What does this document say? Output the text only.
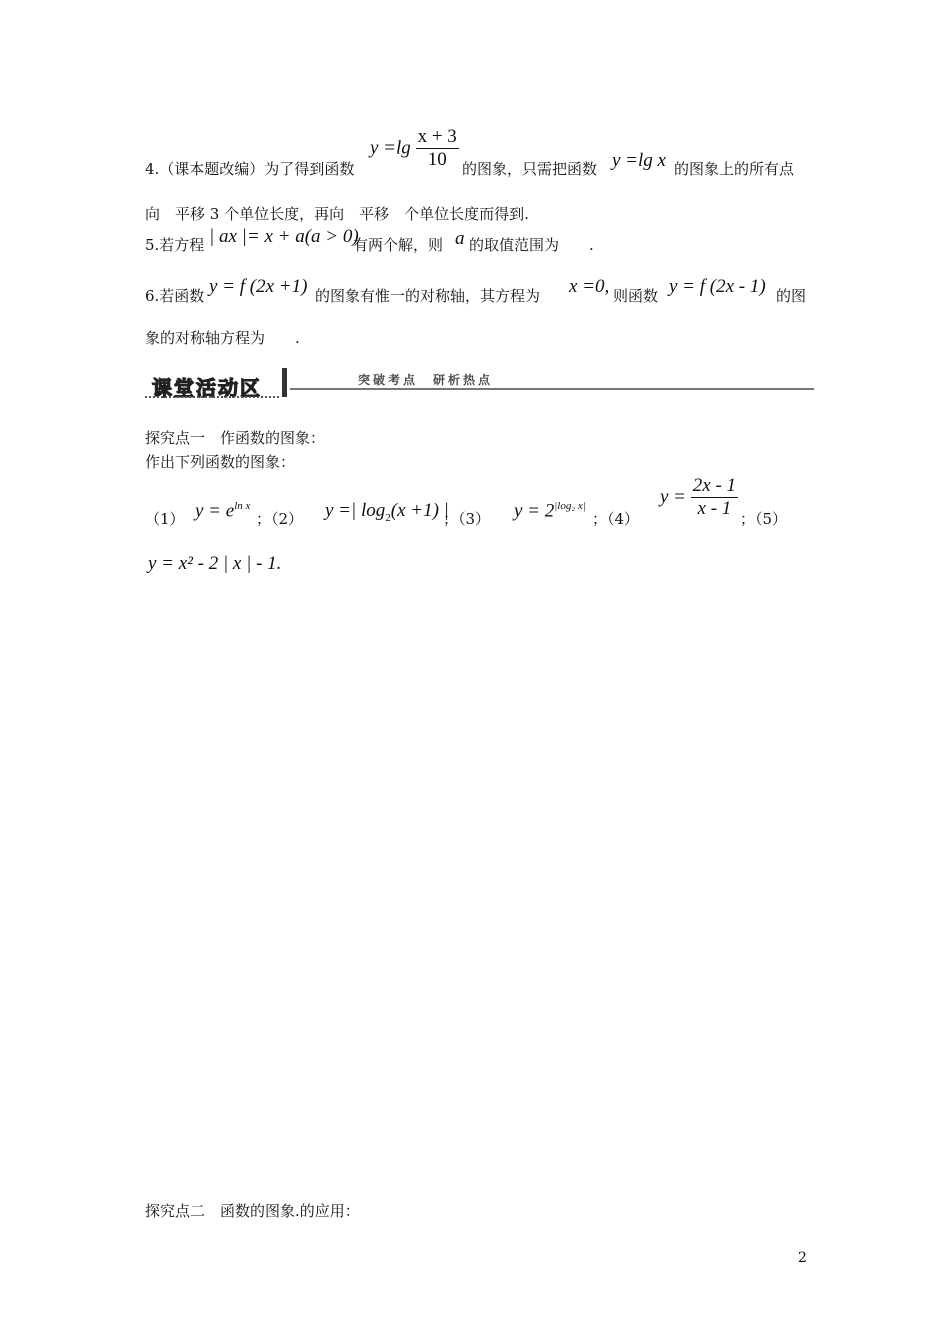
4.（课本题改编）为了得到函数
$y =\lg \frac{x + 3}{10}$ 的图象，只需把函数 y =lg x 的图象上的所有点
向　平移 3 个单位长度，再向　平移　个单位长度而得到.
5.若方程 | ax |= x + a(a > 0)
有两个解，则 a 的取值范围为　　.
6.若函数 y = f (2x +1) 的图象有惟一的对称轴，其方程为 x =0, 则函数 y = f (2x - 1) 的图
象的对称轴方程为　　.
课堂活动区	突破考点　研析热点
探究点一　作函数的图象：
作出下列函数的图象：
（1） $y = e^{ln x}$
；（2） y =| $\log_2(x +1)$ |
；（3） $y = 2^{|log_2 x|}$
；（4）
$y = \frac{2x - 1}{x - 1}$ ；（5）
y = x² - 2 | x | - 1.
探究点二　函数的图象.的应用：
2
